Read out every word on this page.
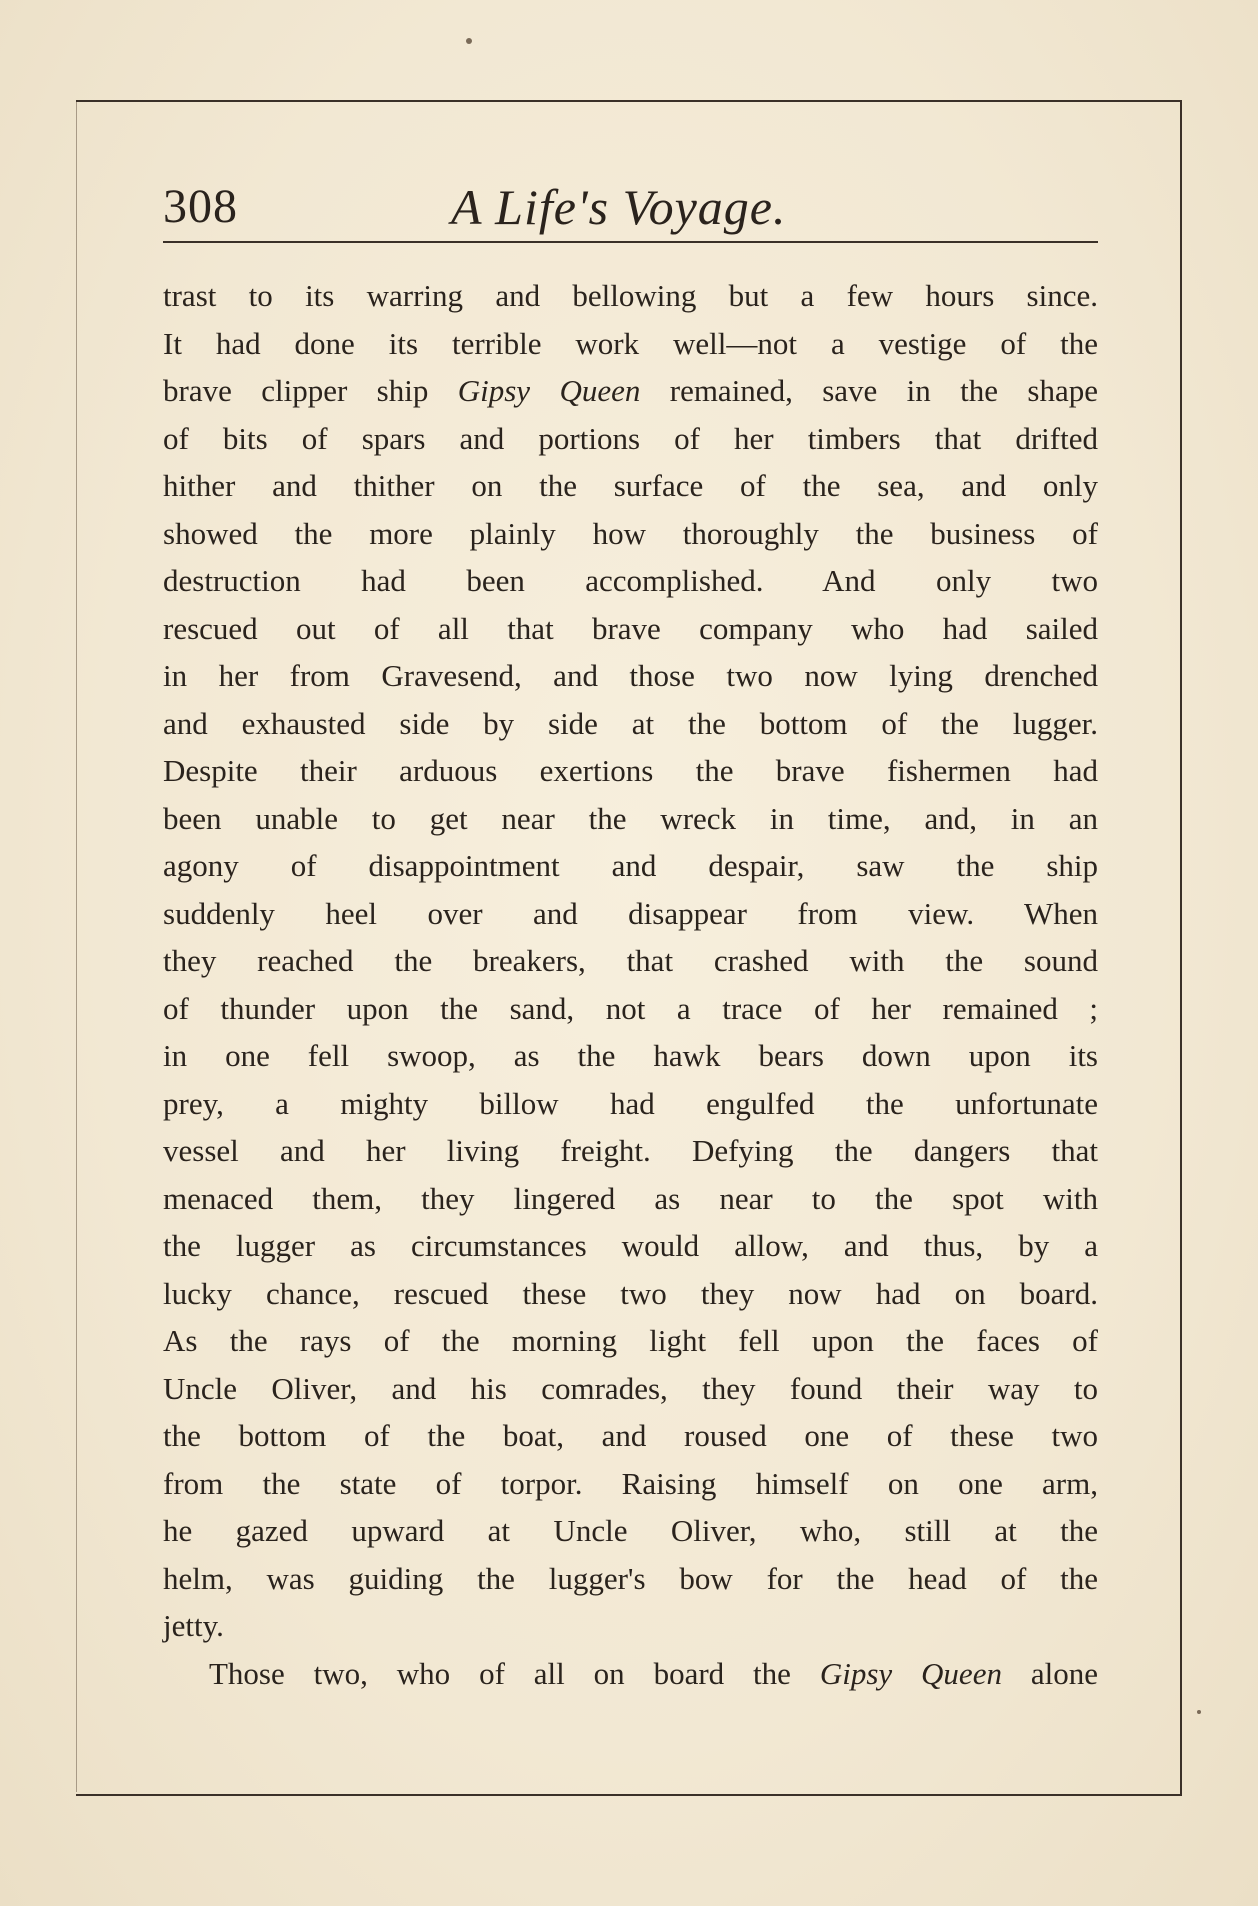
308	A Life's Voyage.
trast to its warring and bellowing but a few hours since.
It had done its terrible work well—not a vestige of the
brave clipper ship Gipsy Queen remained, save in the shape
of bits of spars and portions of her timbers that drifted
hither and thither on the surface of the sea, and only
showed the more plainly how thoroughly the business of
destruction had been accomplished. And only two
rescued out of all that brave company who had sailed
in her from Gravesend, and those two now lying drenched
and exhausted side by side at the bottom of the lugger.
Despite their arduous exertions the brave fishermen had
been unable to get near the wreck in time, and, in an
agony of disappointment and despair, saw the ship
suddenly heel over and disappear from view. When
they reached the breakers, that crashed with the sound
of thunder upon the sand, not a trace of her remained ;
in one fell swoop, as the hawk bears down upon its
prey, a mighty billow had engulfed the unfortunate
vessel and her living freight. Defying the dangers that
menaced them, they lingered as near to the spot with
the lugger as circumstances would allow, and thus, by a
lucky chance, rescued these two they now had on board.
As the rays of the morning light fell upon the faces of
Uncle Oliver, and his comrades, they found their way to
the bottom of the boat, and roused one of these two
from the state of torpor. Raising himself on one arm,
he gazed upward at Uncle Oliver, who, still at the
helm, was guiding the lugger's bow for the head of the
jetty.
Those two, who of all on board the Gipsy Queen alone
